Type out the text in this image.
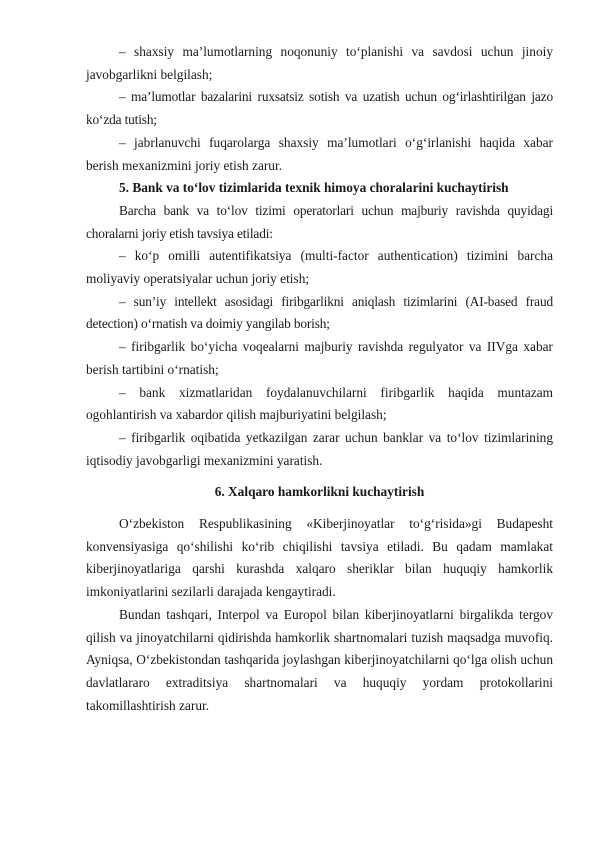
– shaxsiy ma’lumotlarning noqonuniy to‘planishi va savdosi uchun jinoiy javobgarlikni belgilash;

– ma’lumotlar bazalarini ruxsatsiz sotish va uzatish uchun og‘irlashtirilgan jazo ko‘zda tutish;

– jabrlanuvchi fuqarolarga shaxsiy ma’lumotlari o‘g‘irlanishi haqida xabar berish mexanizmini joriy etish zarur.

5. Bank va to‘lov tizimlarida texnik himoya choralarini kuchaytirish

Barcha bank va to‘lov tizimi operatorlari uchun majburiy ravishda quyidagi choralarni joriy etish tavsiya etiladi:

– ko‘p omilli autentifikatsiya (multi-factor authentication) tizimini barcha moliyaviy operatsiyalar uchun joriy etish;

– sun’iy intellekt asosidagi firibgarlikni aniqlash tizimlarini (AI-based fraud detection) o‘rnatish va doimiy yangilab borish;

– firibgarlik bo‘yicha voqealarni majburiy ravishda regulyator va IIVga xabar berish tartibini o‘rnatish;

– bank xizmatlaridan foydalanuvchilarni firibgarlik haqida muntazam ogohlantirish va xabardor qilish majburiyatini belgilash;

– firibgarlik oqibatida yetkazilgan zarar uchun banklar va to‘lov tizimlarining iqtisodiy javobgarligi mexanizmini yaratish.

6. Xalqaro hamkorlikni kuchaytirish

O‘zbekiston Respublikasining «Kiberjinoyatlar to‘g‘risida»gi Budapesht konvensiyasiga qo‘shilishi ko‘rib chiqilishi tavsiya etiladi. Bu qadam mamlakat kiberjinoyatlariga qarshi kurashda xalqaro sheriklar bilan huquqiy hamkorlik imkoniyatlarini sezilarli darajada kengaytiradi.

Bundan tashqari, Interpol va Europol bilan kiberjinoyatlarni birgalikda tergov qilish va jinoyatchilarni qidirishda hamkorlik shartnomalari tuzish maqsadga muvofiq. Ayniqsa, O‘zbekistondan tashqarida joylashgan kiberjinoyatchilarni qo‘lga olish uchun davlatlararo extraditsiya shartnomalari va huquqiy yordam protokollarini takomillashtirish zarur.
